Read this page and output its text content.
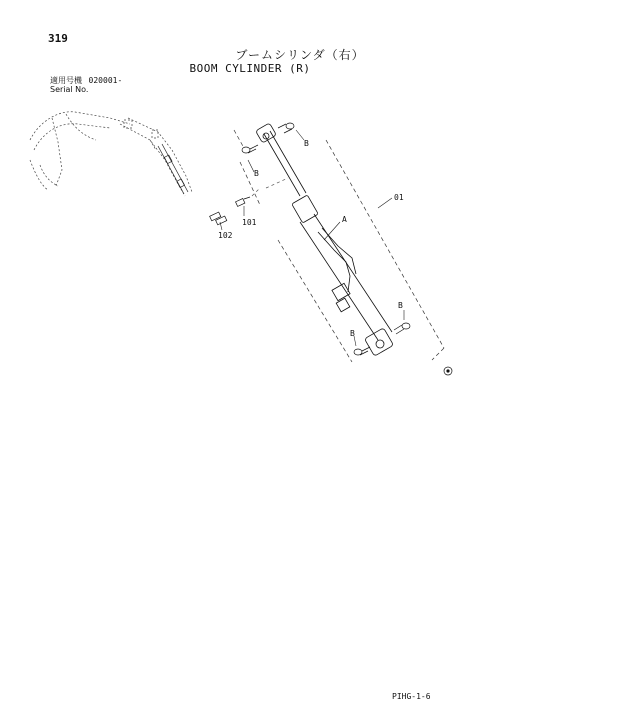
319
ブームシリンダ（右）
BOOM CYLINDER (R)
適用号機 020001-
Serial No.
B
B
01
A
101
102
B
B
PIHG-1-6
